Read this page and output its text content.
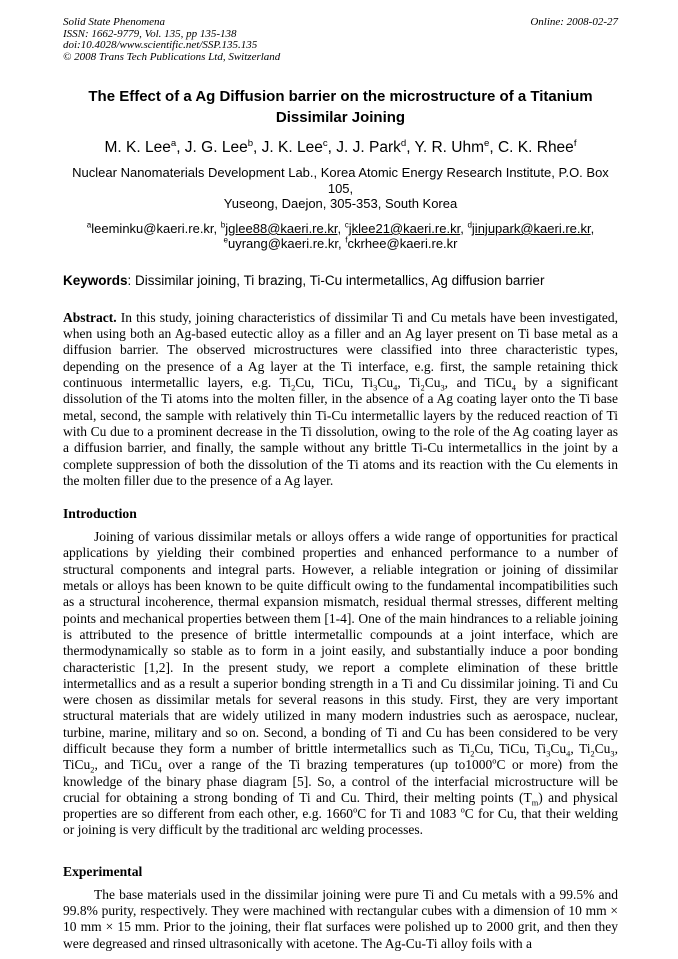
Solid State Phenomena
ISSN: 1662-9779, Vol. 135, pp 135-138
doi:10.4028/www.scientific.net/SSP.135.135
© 2008 Trans Tech Publications Ltd, Switzerland
Online: 2008-02-27
The Effect of a Ag Diffusion barrier on the microstructure of a Titanium Dissimilar Joining
M. K. Lee$^a$, J. G. Lee$^b$, J. K. Lee$^c$, J. J. Park$^d$, Y. R. Uhm$^e$, C. K. Rhee$^f$
Nuclear Nanomaterials Development Lab., Korea Atomic Energy Research Institute, P.O. Box 105,
Yuseong, Daejon, 305-353, South Korea
$^a$leeminku@kaeri.re.kr, $^b$jglee88@kaeri.re.kr, $^c$jklee21@kaeri.re.kr, $^d$jinjupark@kaeri.re.kr,
$^e$uyrang@kaeri.re.kr, $^f$ckrhee@kaeri.re.kr
Keywords: Dissimilar joining, Ti brazing, Ti-Cu intermetallics, Ag diffusion barrier

Abstract. In this study, joining characteristics of dissimilar Ti and Cu metals have been investigated, when using both an Ag-based eutectic alloy as a filler and an Ag layer present on Ti base metal as a diffusion barrier. The observed microstructures were classified into three characteristic types, depending on the presence of a Ag layer at the Ti interface, e.g. first, the sample retaining thick continuous intermetallic layers, e.g. $Ti_2Cu$, TiCu, $Ti_3Cu_4$, $Ti_2Cu_3$, and TiCu$_4$ by a significant dissolution of the Ti atoms into the molten filler, in the absence of a Ag coating layer onto the Ti base metal, second, the sample with relatively thin Ti-Cu intermetallic layers by the reduced reaction of Ti with Cu due to a prominent decrease in the Ti dissolution, owing to the role of the Ag coating layer as a diffusion barrier, and finally, the sample without any brittle Ti-Cu intermetallics in the joint by a complete suppression of both the dissolution of the Ti atoms and its reaction with the Cu elements in the molten filler due to the presence of a Ag layer.

Introduction

Joining of various dissimilar metals or alloys offers a wide range of opportunities for practical applications by yielding their combined properties and enhanced performance to a number of structural components and integral parts. However, a reliable integration or joining of dissimilar metals or alloys has been known to be quite difficult owing to the fundamental incompatibilities such as a structural incoherence, thermal expansion mismatch, residual thermal stresses, different melting points and mechanical properties between them [1-4]. One of the main hindrances to a reliable joining is attributed to the presence of brittle intermetallic compounds at a joint interface, which are thermodynamically so stable as to form in a joint easily, and substantially induce a poor bonding characteristic [1,2]. In the present study, we report a complete elimination of these brittle intermetallics and as a result a superior bonding strength in a Ti and Cu dissimilar joining. Ti and Cu were chosen as dissimilar metals for several reasons in this study. First, they are very important structural materials that are widely utilized in many modern industries such as aerospace, nuclear, turbine, marine, military and so on. Second, a bonding of Ti and Cu has been considered to be very difficult because they form a number of brittle intermetallics such as $Ti_2Cu$, TiCu, $Ti_3Cu_4$, $Ti_2Cu_3$, TiCu$_2$, and TiCu$_4$ over a range of the Ti brazing temperatures (up to1000$^o$C or more) from the knowledge of the binary phase diagram [5]. So, a control of the interfacial microstructure will be crucial for obtaining a strong bonding of Ti and Cu. Third, their melting points $(T_m)$ and physical properties are so different from each other, e.g. 1660$^o$C for Ti and 1083 $^o$C for Cu, that their welding or joining is very difficult by the traditional arc welding processes.

Experimental

The base materials used in the dissimilar joining were pure Ti and Cu metals with a 99.5% and 99.8% purity, respectively. They were machined with rectangular cubes with a dimension of 10 mm × 10 mm × 15 mm. Prior to the joining, their flat surfaces were polished up to 2000 grit, and then they were degreased and rinsed ultrasonically with acetone. The Ag-Cu-Ti alloy foils with a
